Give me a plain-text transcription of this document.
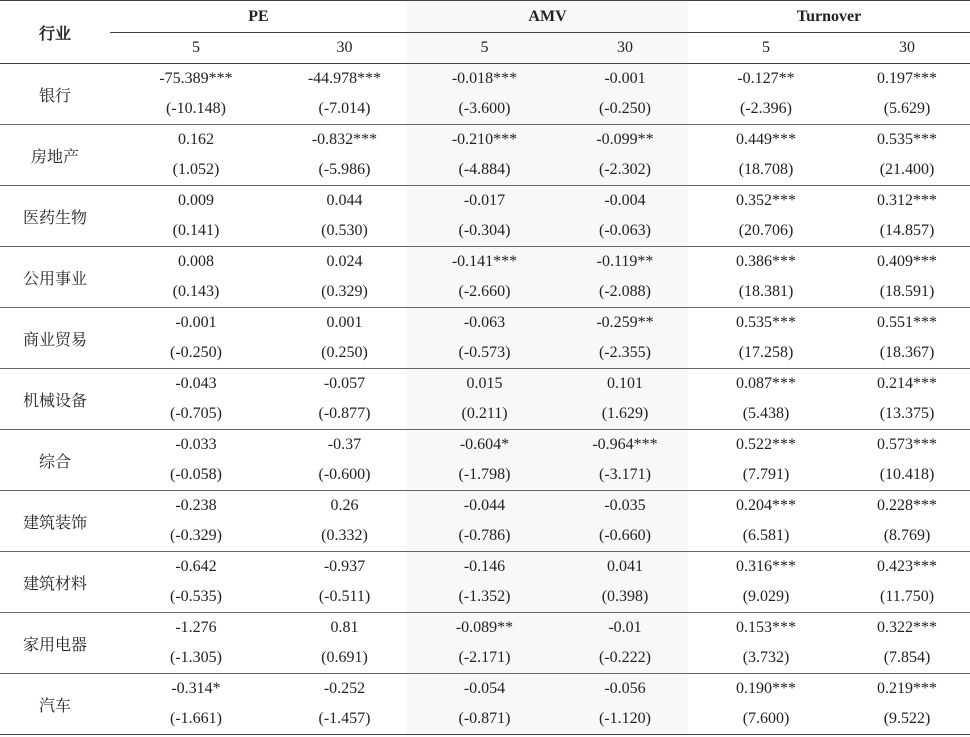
行业	PE		AMV		Turnover	
	5	30	5	30	5	30
银行	-75.389***	-44.978***	-0.018***	-0.001	-0.127**	0.197***
	(-10.148)	(-7.014)	(-3.600)	(-0.250)	(-2.396)	(5.629)
房地产	0.162	-0.832***	-0.210***	-0.099**	0.449***	0.535***
	(1.052)	(-5.986)	(-4.884)	(-2.302)	(18.708)	(21.400)
医药生物	0.009	0.044	-0.017	-0.004	0.352***	0.312***
	(0.141)	(0.530)	(-0.304)	(-0.063)	(20.706)	(14.857)
公用事业	0.008	0.024	-0.141***	-0.119**	0.386***	0.409***
	(0.143)	(0.329)	(-2.660)	(-2.088)	(18.381)	(18.591)
商业贸易	-0.001	0.001	-0.063	-0.259**	0.535***	0.551***
	(-0.250)	(0.250)	(-0.573)	(-2.355)	(17.258)	(18.367)
机械设备	-0.043	-0.057	0.015	0.101	0.087***	0.214***
	(-0.705)	(-0.877)	(0.211)	(1.629)	(5.438)	(13.375)
综合	-0.033	-0.37	-0.604*	-0.964***	0.522***	0.573***
	(-0.058)	(-0.600)	(-1.798)	(-3.171)	(7.791)	(10.418)
建筑装饰	-0.238	0.26	-0.044	-0.035	0.204***	0.228***
	(-0.329)	(0.332)	(-0.786)	(-0.660)	(6.581)	(8.769)
建筑材料	-0.642	-0.937	-0.146	0.041	0.316***	0.423***
	(-0.535)	(-0.511)	(-1.352)	(0.398)	(9.029)	(11.750)
家用电器	-1.276	0.81	-0.089**	-0.01	0.153***	0.322***
	(-1.305)	(0.691)	(-2.171)	(-0.222)	(3.732)	(7.854)
汽车	-0.314*	-0.252	-0.054	-0.056	0.190***	0.219***
	(-1.661)	(-1.457)	(-0.871)	(-1.120)	(7.600)	(9.522)
